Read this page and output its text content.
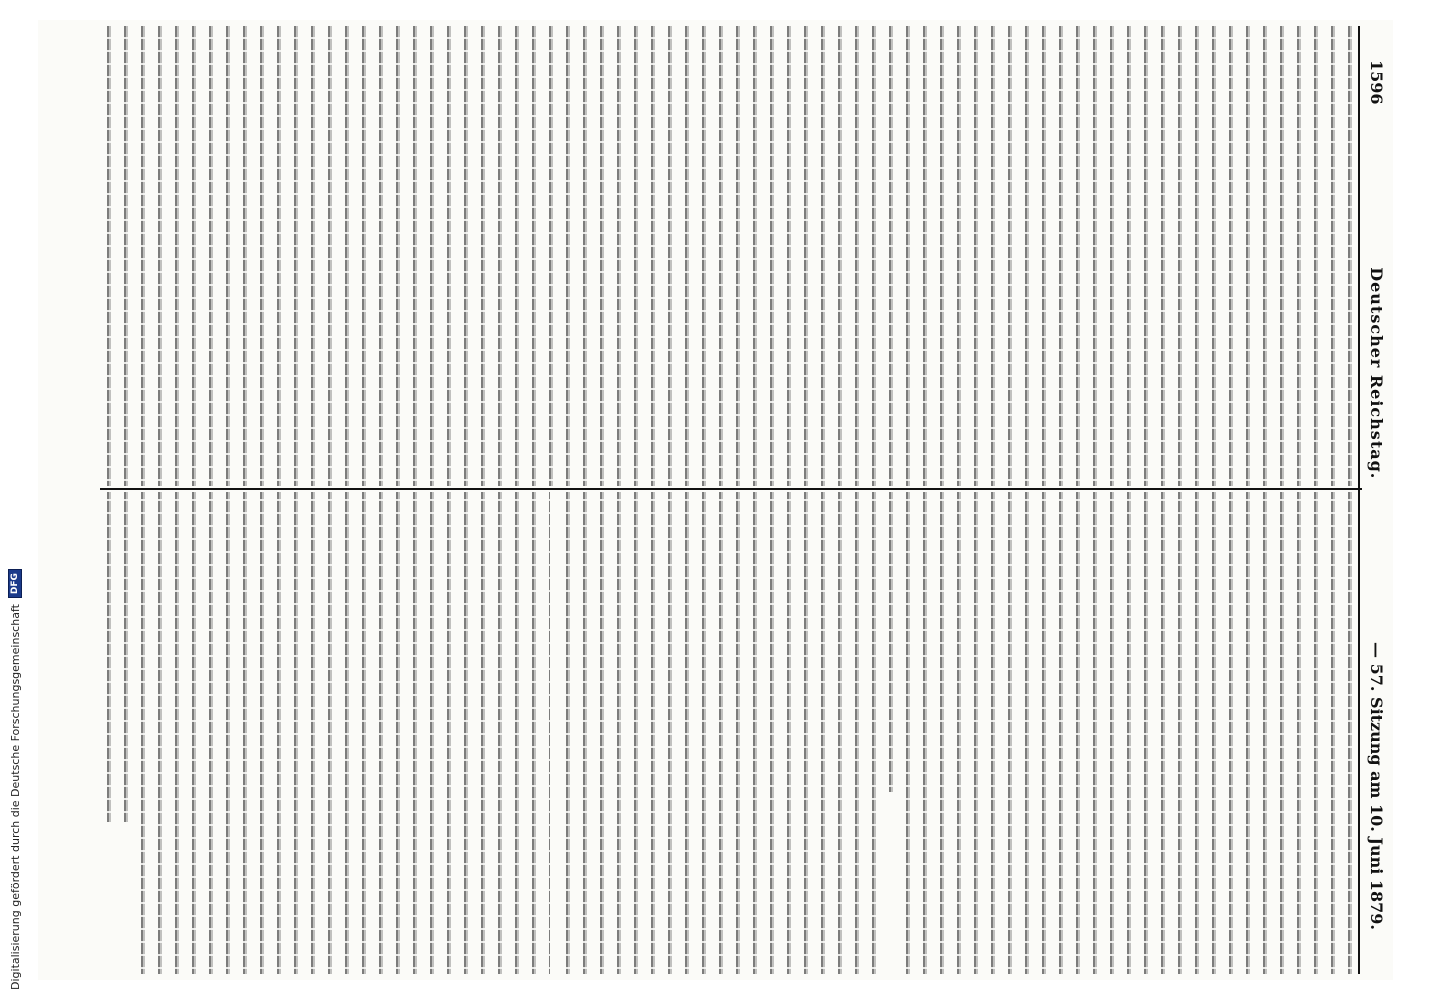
1596
Deutscher Reichstag.
— 57. Sitzung am 10. Juni 1879.
Digitalisierung gefördert durch die Deutsche Forschungsgemeinschaft
DFG
